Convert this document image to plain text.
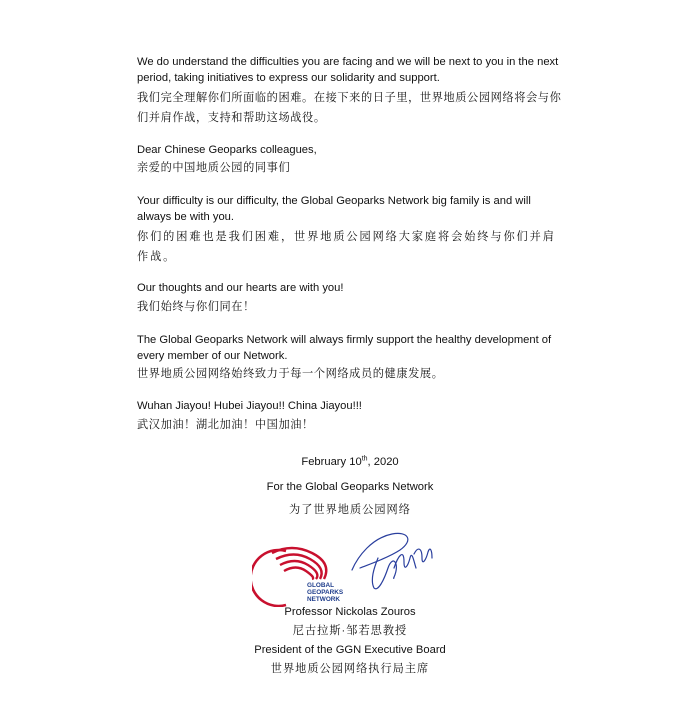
We do understand the difficulties you are facing and we will be next to you in the next period, taking initiatives to express our solidarity and support.

我们完全理解你们所面临的困难。在接下来的日子里，世界地质公园网络将会与你们并肩作战，支持和帮助这场战役。

Dear Chinese Geoparks colleagues,

亲爱的中国地质公园的同事们

Your difficulty is our difficulty, the Global Geoparks Network big family is and will always be with you.

你们的困难也是我们困难，世界地质公园网络大家庭将会始终与你们并肩作战。

Our thoughts and our hearts are with you!

我们始终与你们同在！

The Global Geoparks Network will always firmly support the healthy development of every member of our Network.

世界地质公园网络始终致力于每一个网络成员的健康发展。

Wuhan Jiayou! Hubei Jiayou!! China Jiayou!!!

武汉加油！湖北加油！中国加油！

February 10th, 2020
For the Global Geoparks Network
为了世界地质公园网络
GLOBAL
GEOPARKS
NETWORK
Professor Nickolas Zouros
尼古拉斯·邹若思教授
President of the GGN Executive Board
世界地质公园网络执行局主席
